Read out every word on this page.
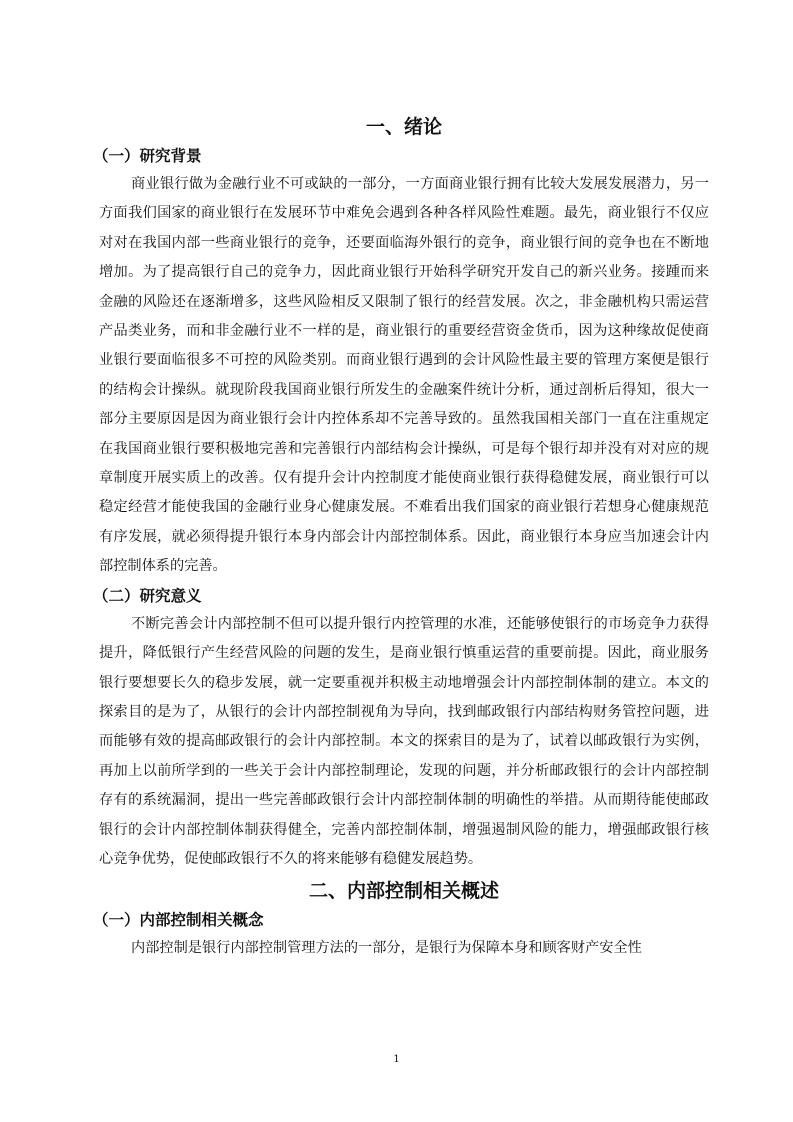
一、绪论
（一）研究背景

商业银行做为金融行业不可或缺的一部分，一方面商业银行拥有比较大发展发展潜力，另一方面我们国家的商业银行在发展环节中难免会遇到各种各样风险性难题。最先，商业银行不仅应对对在我国内部一些商业银行的竞争，还要面临海外银行的竞争，商业银行间的竞争也在不断地增加。为了提高银行自己的竞争力，因此商业银行开始科学研究开发自己的新兴业务。接踵而来金融的风险还在逐渐增多，这些风险相反又限制了银行的经营发展。次之，非金融机构只需运营产品类业务，而和非金融行业不一样的是，商业银行的重要经营资金货币，因为这种缘故促使商业银行要面临很多不可控的风险类别。而商业银行遇到的会计风险性最主要的管理方案便是银行的结构会计操纵。就现阶段我国商业银行所发生的金融案件统计分析，通过剖析后得知，很大一部分主要原因是因为商业银行会计内控体系却不完善导致的。虽然我国相关部门一直在注重规定在我国商业银行要积极地完善和完善银行内部结构会计操纵，可是每个银行却并没有对对应的规章制度开展实质上的改善。仅有提升会计内控制度才能使商业银行获得稳健发展，商业银行可以稳定经营才能使我国的金融行业身心健康发展。不难看出我们国家的商业银行若想身心健康规范有序发展，就必须得提升银行本身内部会计内部控制体系。因此，商业银行本身应当加速会计内部控制体系的完善。

（二）研究意义

不断完善会计内部控制不但可以提升银行内控管理的水准，还能够使银行的市场竞争力获得提升，降低银行产生经营风险的问题的发生，是商业银行慎重运营的重要前提。因此，商业服务银行要想要长久的稳步发展，就一定要重视并积极主动地增强会计内部控制体制的建立。本文的探索目的是为了，从银行的会计内部控制视角为导向，找到邮政银行内部结构财务管控问题，进而能够有效的提高邮政银行的会计内部控制。本文的探索目的是为了，试着以邮政银行为实例，再加上以前所学到的一些关于会计内部控制理论，发现的问题，并分析邮政银行的会计内部控制存有的系统漏洞，提出一些完善邮政银行会计内部控制体制的明确性的举措。从而期待能使邮政银行的会计内部控制体制获得健全，完善内部控制体制，增强遏制风险的能力，增强邮政银行核心竞争优势，促使邮政银行不久的将来能够有稳健发展趋势。

二、内部控制相关概述
（一）内部控制相关概念

内部控制是银行内部控制管理方法的一部分，是银行为保障本身和顾客财产安全性

1
